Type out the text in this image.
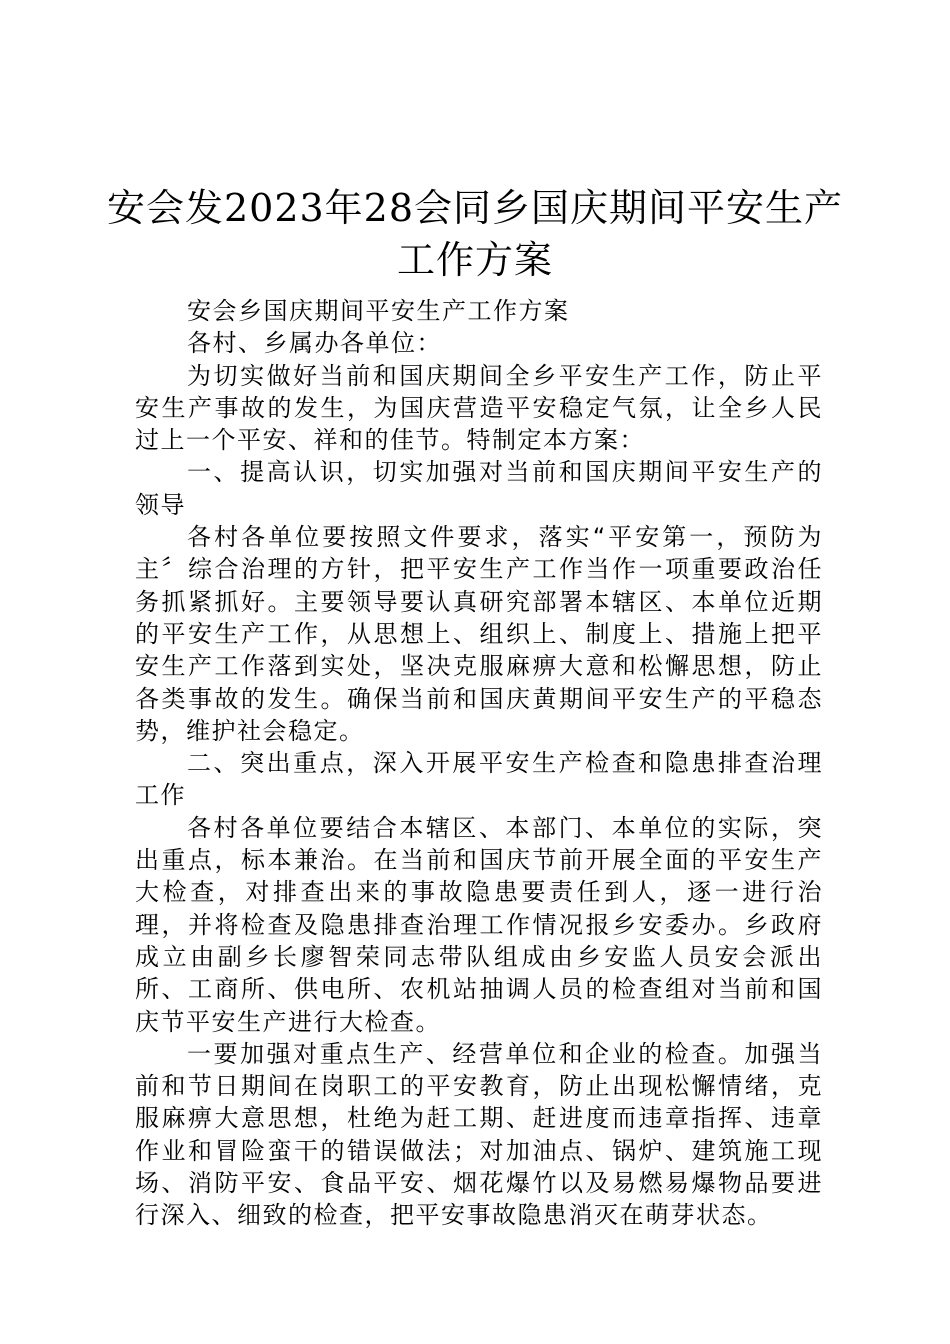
安会发2023年28会同乡国庆期间平安生产
工作方案

安会乡国庆期间平安生产工作方案

各村、乡属办各单位：

为切实做好当前和国庆期间全乡平安生产工作，防止平安生产事故的发生，为国庆营造平安稳定气氛，让全乡人民过上一个平安、祥和的佳节。特制定本方案：

一、提高认识，切实加强对当前和国庆期间平安生产的领导

各村各单位要按照文件要求，落实“平安第一，预防为主〞综合治理的方针，把平安生产工作当作一项重要政治任务抓紧抓好。主要领导要认真研究部署本辖区、本单位近期的平安生产工作，从思想上、组织上、制度上、措施上把平安生产工作落到实处，坚决克服麻痹大意和松懈思想，防止各类事故的发生。确保当前和国庆黄期间平安生产的平稳态势，维护社会稳定。

二、突出重点，深入开展平安生产检查和隐患排查治理工作

各村各单位要结合本辖区、本部门、本单位的实际，突出重点，标本兼治。在当前和国庆节前开展全面的平安生产大检查，对排查出来的事故隐患要责任到人，逐一进行治理，并将检查及隐患排查治理工作情况报乡安委办。乡政府成立由副乡长廖智荣同志带队组成由乡安监人员安会派出所、工商所、供电所、农机站抽调人员的检查组对当前和国庆节平安生产进行大检查。

一要加强对重点生产、经营单位和企业的检查。加强当前和节日期间在岗职工的平安教育，防止出现松懈情绪，克服麻痹大意思想，杜绝为赶工期、赶进度而违章指挥、违章作业和冒险蛮干的错误做法；对加油点、锅炉、建筑施工现场、消防平安、食品平安、烟花爆竹以及易燃易爆物品要进行深入、细致的检查，把平安事故隐患消灭在萌芽状态。
